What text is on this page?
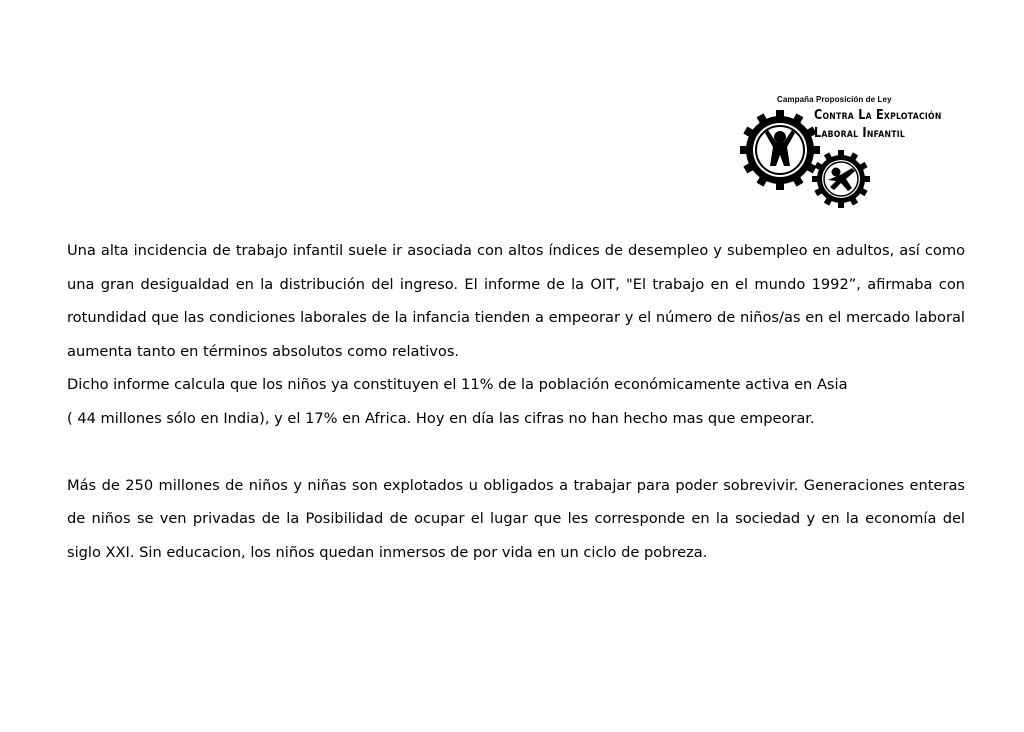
Campaña Proposición de Ley
Contra La Explotación
Laboral Infantil

Una alta incidencia de trabajo infantil suele ir asociada con altos índices de desempleo y subempleo en adultos, así como una gran desigualdad en la distribución del ingreso. El informe de la OIT, "El trabajo en el mundo 1992”, afirmaba con rotundidad que las condiciones laborales de la infancia tienden a empeorar y el número de niños/as en el mercado laboral aumenta tanto en términos absolutos como relativos.

Dicho informe calcula que los niños ya constituyen el 11% de la población económicamente activa en Asia
( 44 millones sólo en India), y el 17% en Africa. Hoy en día las cifras no han hecho mas que empeorar.

Más de 250 millones de niños y niñas son explotados u obligados a trabajar para poder sobrevivir. Generaciones enteras de niños se ven privadas de la Posibilidad de ocupar el lugar que les corresponde en la sociedad y en la economía del siglo XXI. Sin educacion, los niños quedan inmersos de por vida en un ciclo de pobreza.
